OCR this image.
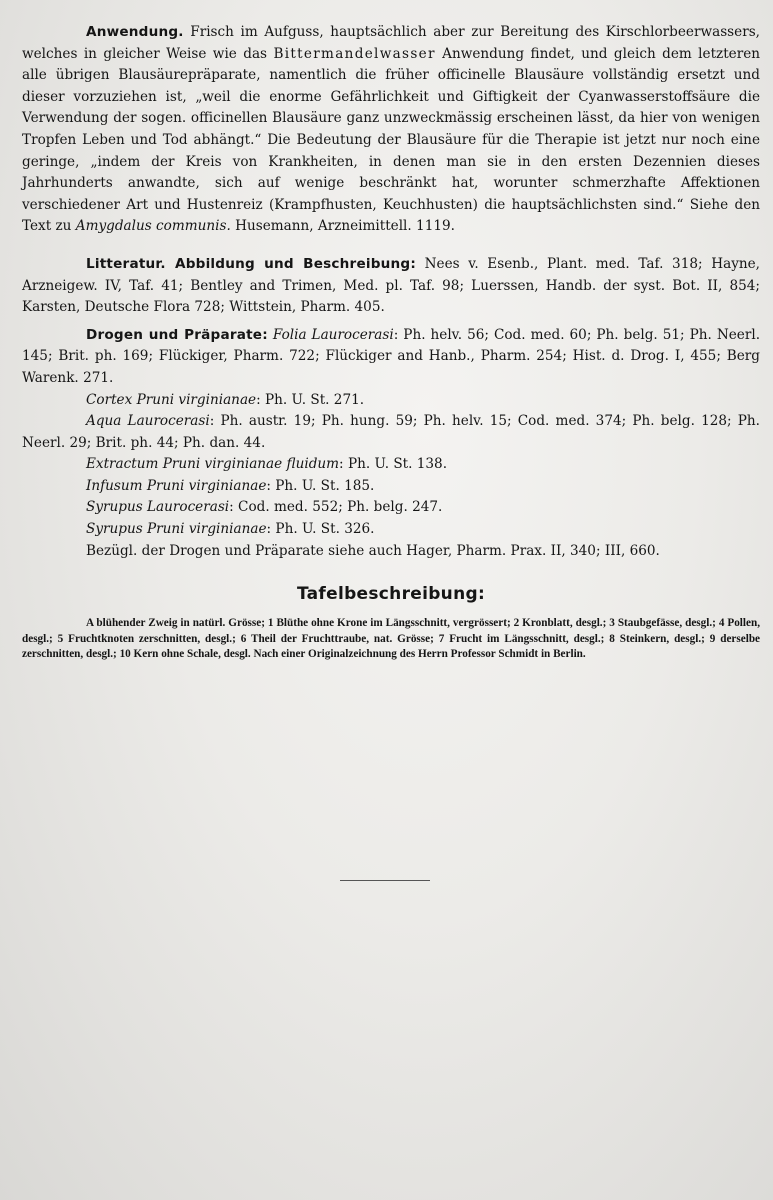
Anwendung. Frisch im Aufguss, hauptsächlich aber zur Bereitung des Kirschlorbeerwassers, welches in gleicher Weise wie das Bittermandelwasser Anwendung findet, und gleich dem letzteren alle übrigen Blausäurepräparate, namentlich die früher officinelle Blausäure vollständig ersetzt und dieser vorzuziehen ist, „weil die enorme Gefährlichkeit und Giftigkeit der Cyanwasserstoffsäure die Verwendung der sogen. officinellen Blausäure ganz unzweckmässig erscheinen lässt, da hier von wenigen Tropfen Leben und Tod abhängt.“ Die Bedeutung der Blausäure für die Therapie ist jetzt nur noch eine geringe, „indem der Kreis von Krankheiten, in denen man sie in den ersten Dezennien dieses Jahrhunderts anwandte, sich auf wenige beschränkt hat, worunter schmerzhafte Affektionen verschiedener Art und Hustenreiz (Krampfhusten, Keuchhusten) die hauptsächlichsten sind.“ Siehe den Text zu Amygdalus communis. Husemann, Arzneimittell. 1119.

Litteratur. Abbildung und Beschreibung: Nees v. Esenb., Plant. med. Taf. 318; Hayne, Arzneigew. IV, Taf. 41; Bentley and Trimen, Med. pl. Taf. 98; Luerssen, Handb. der syst. Bot. II, 854; Karsten, Deutsche Flora 728; Wittstein, Pharm. 405.

Drogen und Präparate: Folia Laurocerasi: Ph. helv. 56; Cod. med. 60; Ph. belg. 51; Ph. Neerl. 145; Brit. ph. 169; Flückiger, Pharm. 722; Flückiger and Hanb., Pharm. 254; Hist. d. Drog. I, 455; Berg Warenk. 271.

Cortex Pruni virginianae: Ph. U. St. 271.

Aqua Laurocerasi: Ph. austr. 19; Ph. hung. 59; Ph. helv. 15; Cod. med. 374; Ph. belg. 128; Ph. Neerl. 29; Brit. ph. 44; Ph. dan. 44.

Extractum Pruni virginianae fluidum: Ph. U. St. 138.

Infusum Pruni virginianae: Ph. U. St. 185.

Syrupus Laurocerasi: Cod. med. 552; Ph. belg. 247.

Syrupus Pruni virginianae: Ph. U. St. 326.

Bezügl. der Drogen und Präparate siehe auch Hager, Pharm. Prax. II, 340; III, 660.

Tafelbeschreibung:

A blühender Zweig in natürl. Grösse; 1 Blüthe ohne Krone im Längsschnitt, vergrössert; 2 Kronblatt, desgl.; 3 Staubgefässe, desgl.; 4 Pollen, desgl.; 5 Fruchtknoten zerschnitten, desgl.; 6 Theil der Fruchttraube, nat. Grösse; 7 Frucht im Längsschnitt, desgl.; 8 Steinkern, desgl.; 9 derselbe zerschnitten, desgl.; 10 Kern ohne Schale, desgl. Nach einer Originalzeichnung des Herrn Professor Schmidt in Berlin.
